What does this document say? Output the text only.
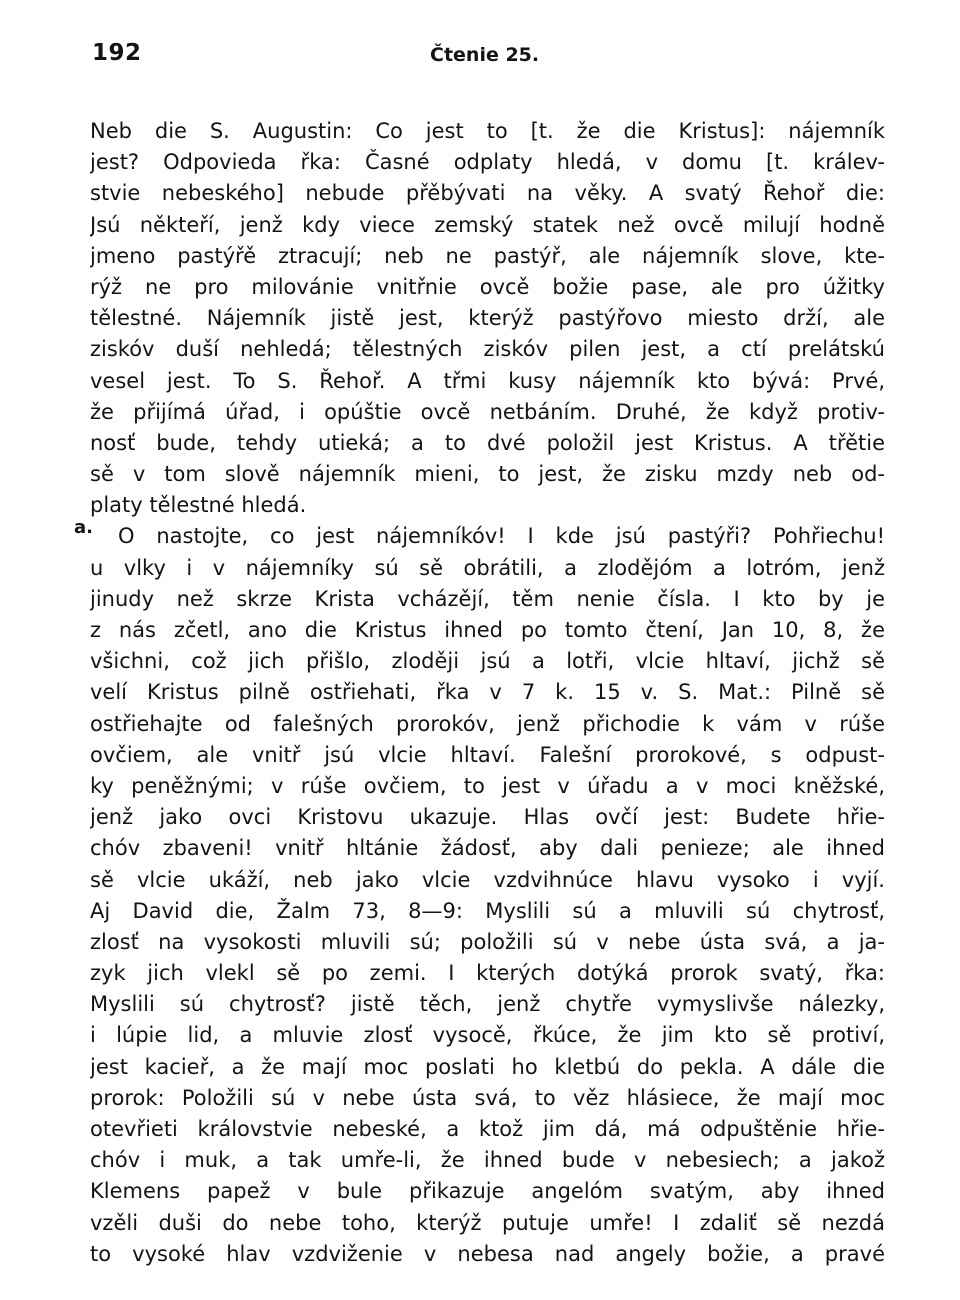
192	Čtenie 25.
a.
Neb die S. Augustin: Co jest to [t. že die Kristus]: nájemník
jest? Odpovieda řka: Časné odplaty hledá, v domu [t. králev-
stvie nebeského] nebude přěbývati na věky. A svatý Řehoř die:
Jsú někteří, jenž kdy viece zemský statek než ovcě milují hodně
jmeno pastýřě ztracují; neb ne pastýř, ale nájemník slove, kte-
rýž ne pro milovánie vnitřnie ovcě božie pase, ale pro úžitky
tělestné. Nájemník jistě jest, kterýž pastýřovo miesto drží, ale
ziskóv duší nehledá; tělestných ziskóv pilen jest, a ctí prelátskú
vesel jest. To S. Řehoř. A třmi kusy nájemník kto bývá: Prvé,
že přijímá úřad, i opúštie ovcě netbáním. Druhé, že když protiv-
nosť bude, tehdy utieká; a to dvé položil jest Kristus. A třětie
sě v tom slově nájemník mieni, to jest, že zisku mzdy neb od-
platy tělestné hledá.
O nastojte, co jest nájemníkóv! I kde jsú pastýři? Pohřiechu!
u vlky i v nájemníky sú sě obrátili, a zlodějóm a lotróm, jenž
jinudy než skrze Krista vcházějí, těm nenie čísla. I kto by je
z nás zčetl, ano die Kristus ihned po tomto čtení, Jan 10, 8, že
všichni, což jich přišlo, zloději jsú a lotři, vlcie hltaví, jichž sě
velí Kristus pilně ostřiehati, řka v 7 k. 15 v. S. Mat.: Pilně sě
ostřiehajte od falešných prorokóv, jenž přichodie k vám v rúše
ovčiem, ale vnitř jsú vlcie hltaví. Falešní prorokové, s odpust-
ky peněžnými; v rúše ovčiem, to jest v úřadu a v moci kněžské,
jenž jako ovci Kristovu ukazuje. Hlas ovčí jest: Budete hřie-
chóv zbaveni! vnitř hltánie žádosť, aby dali penieze; ale ihned
sě vlcie ukáží, neb jako vlcie vzdvihnúce hlavu vysoko i vyjí.
Aj David die, Žalm 73, 8—9: Myslili sú a mluvili sú chytrosť,
zlosť na vysokosti mluvili sú; položili sú v nebe ústa svá, a ja-
zyk jich vlekl sě po zemi. I kterých dotýká prorok svatý, řka:
Myslili sú chytrosť? jistě těch, jenž chytře vymyslivše nálezky,
i lúpie lid, a mluvie zlosť vysocě, řkúce, že jim kto sě protiví,
jest kacieř, a že mají moc poslati ho kletbú do pekla. A dále die
prorok: Položili sú v nebe ústa svá, to věz hlásiece, že mají moc
otevřieti královstvie nebeské, a ktož jim dá, má odpuštěnie hřie-
chóv i muk, a tak umře-li, že ihned bude v nebesiech; a jakož
Klemens papež v bule přikazuje angelóm svatým, aby ihned
vzěli duši do nebe toho, kterýž putuje umře! I zdaliť sě nezdá
to vysoké hlav vzdviženie v nebesa nad angely božie, a pravé
